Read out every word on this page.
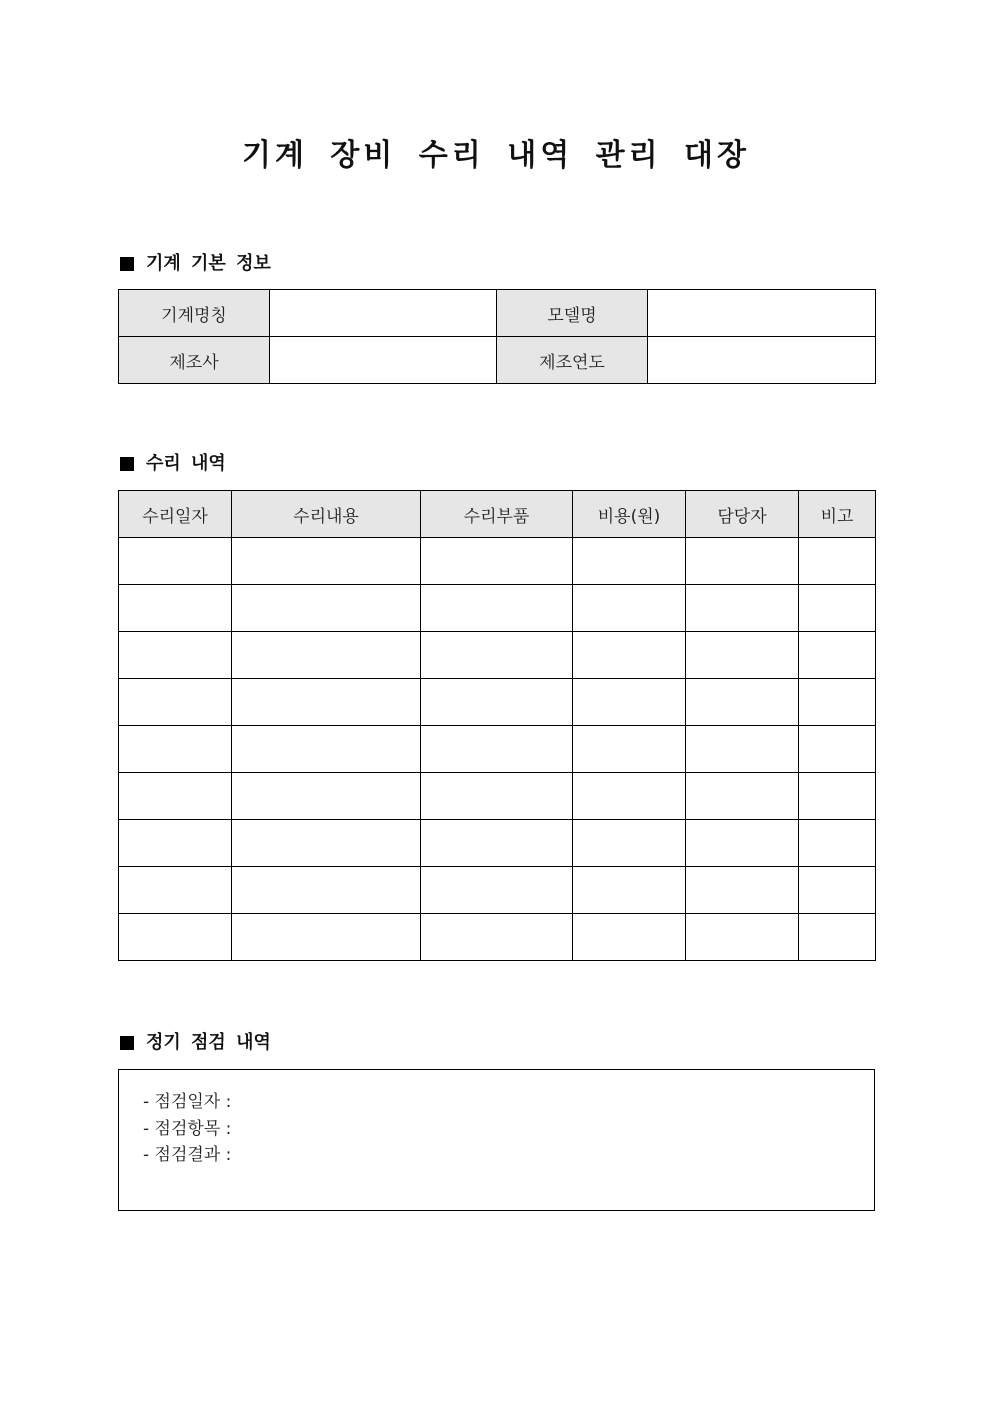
기계 장비 수리 내역 관리 대장
기계 기본 정보
기계명칭		모델명	
제조사		제조연도	
수리 내역
수리일자	수리내용	수리부품	비용(원)	담당자	비고

정기 점검 내역
- 점검일자 :
- 점검항목 :
- 점검결과 :
